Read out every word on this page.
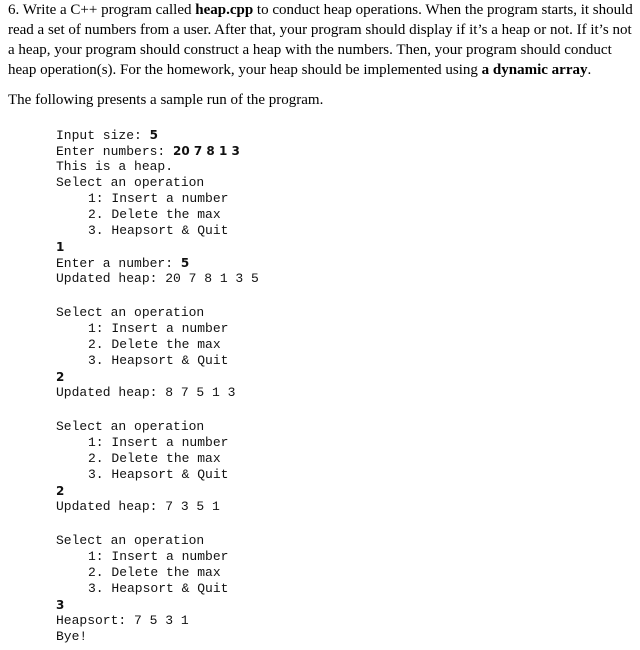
6. Write a C++ program called heap.cpp to conduct heap operations. When the program starts, it should read a set of numbers from a user. After that, your program should display if it’s a heap or not. If it’s not a heap, your program should construct a heap with the numbers. Then, your program should conduct heap operation(s). For the homework, your heap should be implemented using a dynamic array.

The following presents a sample run of the program.

Input size: 5
Enter numbers: 20 7 8 1 3
This is a heap.
Select an operation
1: Insert a number
2. Delete the max
3. Heapsort & Quit
1
Enter a number: 5
Updated heap: 20 7 8 1 3 5
Select an operation
1: Insert a number
2. Delete the max
3. Heapsort & Quit
2
Updated heap: 8 7 5 1 3
Select an operation
1: Insert a number
2. Delete the max
3. Heapsort & Quit
2
Updated heap: 7 3 5 1
Select an operation
1: Insert a number
2. Delete the max
3. Heapsort & Quit
3
Heapsort: 7 5 3 1
Bye!
